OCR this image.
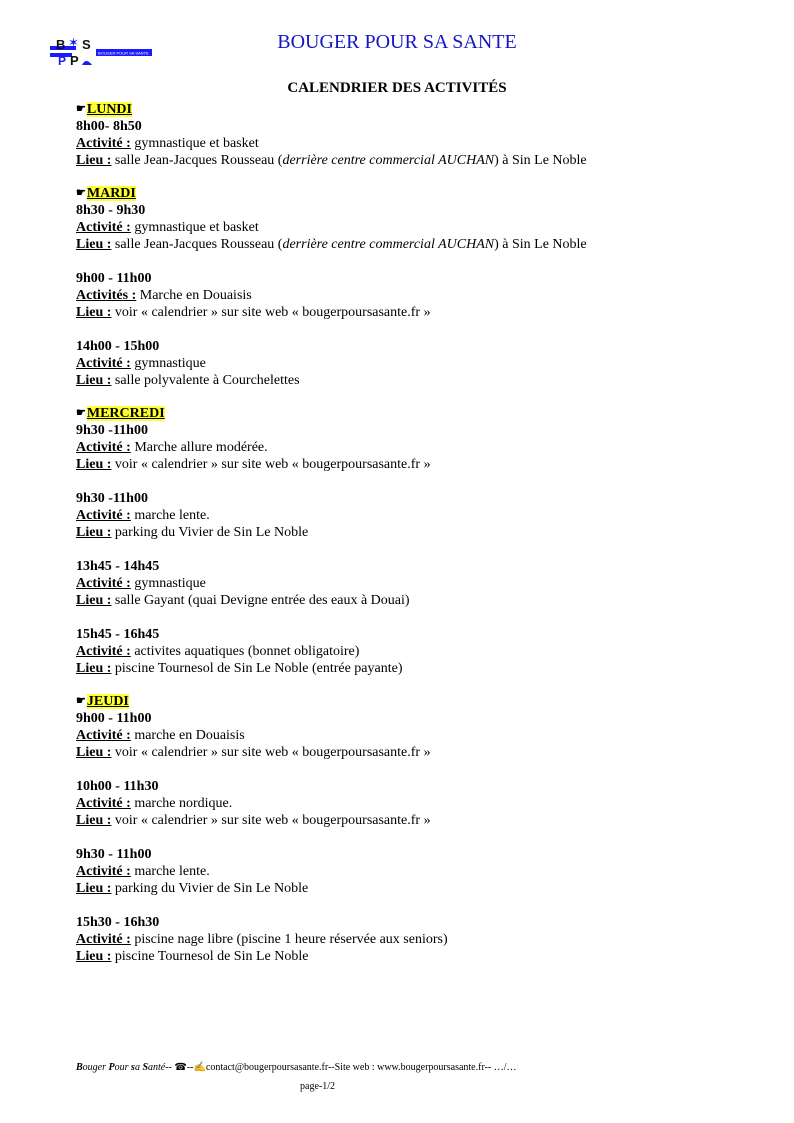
B ✶ S
P P	BOUGER POUR SA SANTE	BOUGER POUR SA SANTE
CALENDRIER DES ACTIVITÉS
☛LUNDI
8h00- 8h50
Activité : gymnastique et basket
Lieu : salle Jean-Jacques Rousseau (derrière centre commercial AUCHAN) à Sin Le Noble
☛MARDI
8h30 - 9h30
Activité : gymnastique et basket
Lieu : salle Jean-Jacques Rousseau (derrière centre commercial AUCHAN) à Sin Le Noble
9h00 - 11h00
Activités : Marche en Douaisis
Lieu : voir « calendrier » sur site web « bougerpoursasante.fr »
14h00 - 15h00
Activité : gymnastique
Lieu : salle polyvalente à Courchelettes
☛MERCREDI
9h30 -11h00
Activité : Marche allure modérée.
Lieu : voir « calendrier » sur site web « bougerpoursasante.fr »
9h30 -11h00
Activité : marche lente.
Lieu : parking du Vivier de Sin Le Noble
13h45 - 14h45
Activité : gymnastique
Lieu : salle Gayant (quai Devigne entrée des eaux à Douai)
15h45 - 16h45
Activité : activites aquatiques (bonnet obligatoire)
Lieu : piscine Tournesol de Sin Le Noble (entrée payante)
☛JEUDI
9h00 - 11h00
Activité : marche en Douaisis
Lieu : voir « calendrier » sur site web « bougerpoursasante.fr »
10h00 - 11h30
Activité : marche nordique.
Lieu : voir « calendrier » sur site web « bougerpoursasante.fr »
9h30 - 11h00
Activité : marche lente.
Lieu : parking du Vivier de Sin Le Noble
15h30 - 16h30
Activité : piscine nage libre (piscine 1 heure réservée aux seniors)
Lieu : piscine Tournesol de Sin Le Noble
Bouger Pour sa Santé-- ☎--✍contact@bougerpoursasante.fr--Site web : www.bougerpoursasante.fr-- …/…
page-1/2
